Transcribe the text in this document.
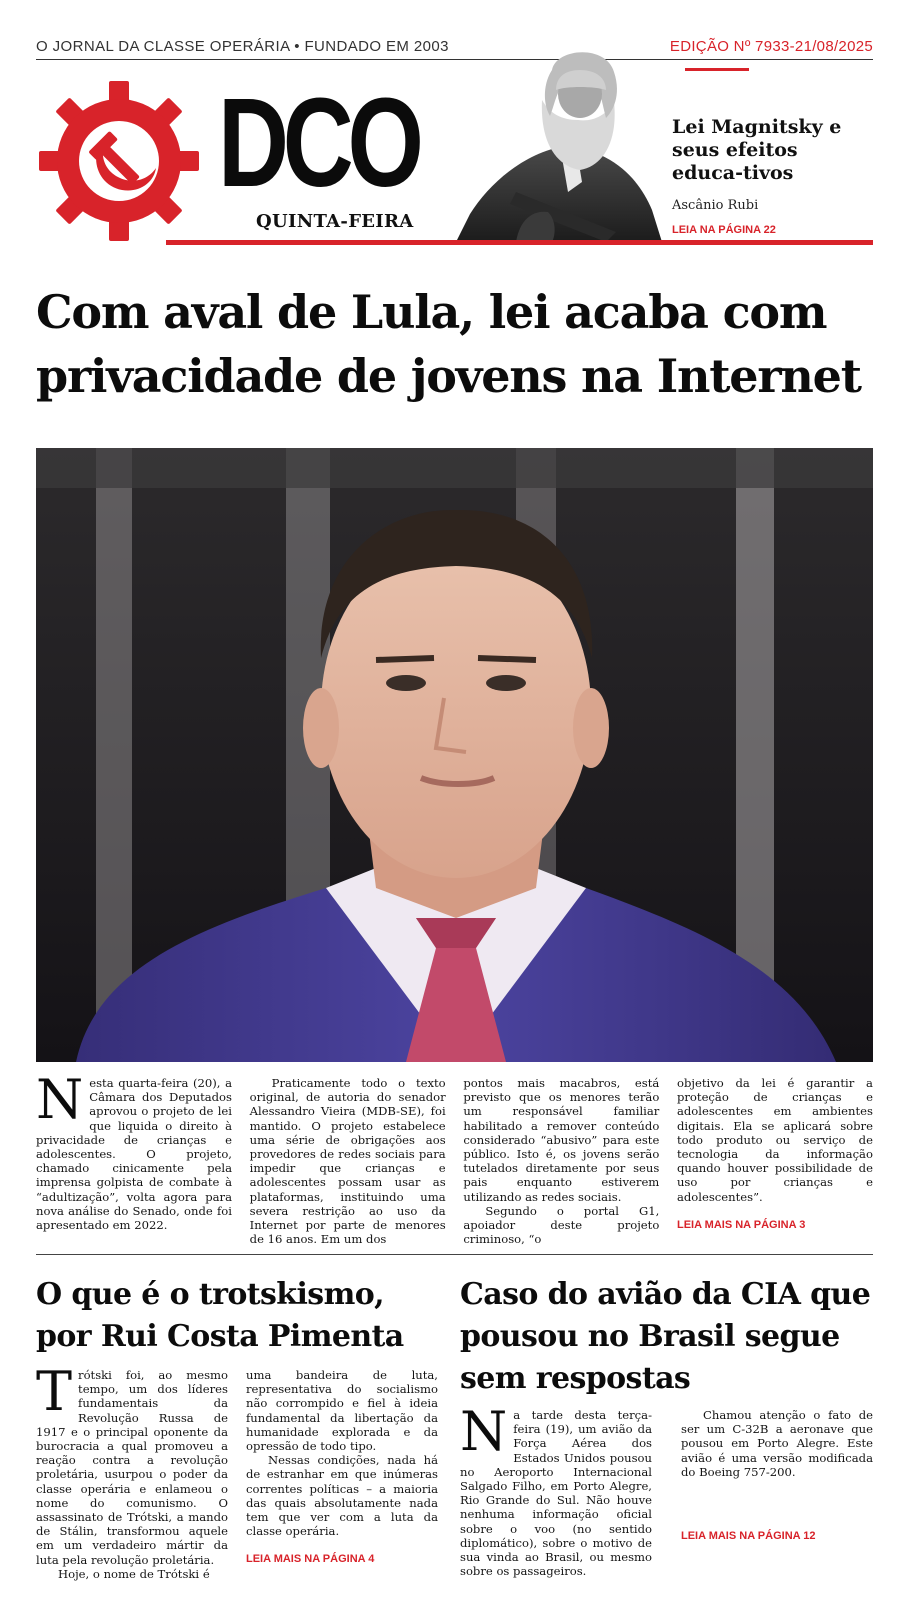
O JORNAL DA CLASSE OPERÁRIA • FUNDADO EM 2003	EDIÇÃO Nº 7933-21/08/2025
DCO
QUINTA-FEIRA
Lei Magnitsky e seus efeitos educa-tivos
Ascânio Rubi
LEIA NA PÁGINA 22
Com aval de Lula, lei acaba com privacidade de jovens na Internet
N esta quarta-feira (20), a Câmara dos Deputados aprovou o projeto de lei que liquida o direito à privacidade de crianças e adolescentes. O projeto, chamado cinicamente pela imprensa golpista de combate à “adultização”, volta agora para nova análise do Senado, onde foi apresentado em 2022.

Praticamente todo o texto original, de autoria do senador Alessandro Vieira (MDB-SE), foi mantido. O projeto estabelece uma série de obrigações aos provedores de redes sociais para impedir que crianças e adolescentes possam usar as plataformas, instituindo uma severa restrição ao uso da Internet por parte de menores de 16 anos. Em um dos

pontos mais macabros, está previsto que os menores terão um responsável familiar habilitado a remover conteúdo considerado “abusivo” para este público. Isto é, os jovens serão tutelados diretamente por seus pais enquanto estiverem utilizando as redes sociais.

Segundo o portal G1, apoiador deste projeto criminoso, “o

objetivo da lei é garantir a proteção de crianças e adolescentes em ambientes digitais. Ela se aplicará sobre todo produto ou serviço de tecnologia da informação quando houver possibilidade de uso por crianças e adolescentes”.

LEIA MAIS NA PÁGINA 3
O que é o trotskismo, por Rui Costa Pimenta
T rótski foi, ao mesmo tempo, um dos líderes fundamentais da Revolução Russa de 1917 e o principal oponente da burocracia a qual promoveu a reação contra a revolução proletária, usurpou o poder da classe operária e enlameou o nome do comunismo. O assassinato de Trótski, a mando de Stálin, transformou aquele em um verdadeiro mártir da luta pela revolução proletária.

Hoje, o nome de Trótski é

uma bandeira de luta, representativa do socialismo não corrompido e fiel à ideia fundamental da libertação da humanidade explorada e da opressão de todo tipo.

Nessas condições, nada há de estranhar em que inúmeras correntes políticas – a maioria das quais absolutamente nada tem que ver com a luta da classe operária.

LEIA MAIS NA PÁGINA 4
Caso do avião da CIA que pousou no Brasil segue sem respostas
N a tarde desta terça-feira (19), um avião da Força Aérea dos Estados Unidos pousou no Aeroporto Internacional Salgado Filho, em Porto Alegre, Rio Grande do Sul. Não houve nenhuma informação oficial sobre o voo (no sentido diplomático), sobre o motivo de sua vinda ao Brasil, ou mesmo sobre os passageiros.

Chamou atenção o fato de ser um C-32B a aeronave que pousou em Porto Alegre. Este avião é uma versão modificada do Boeing 757-200.

LEIA MAIS NA PÁGINA 12
